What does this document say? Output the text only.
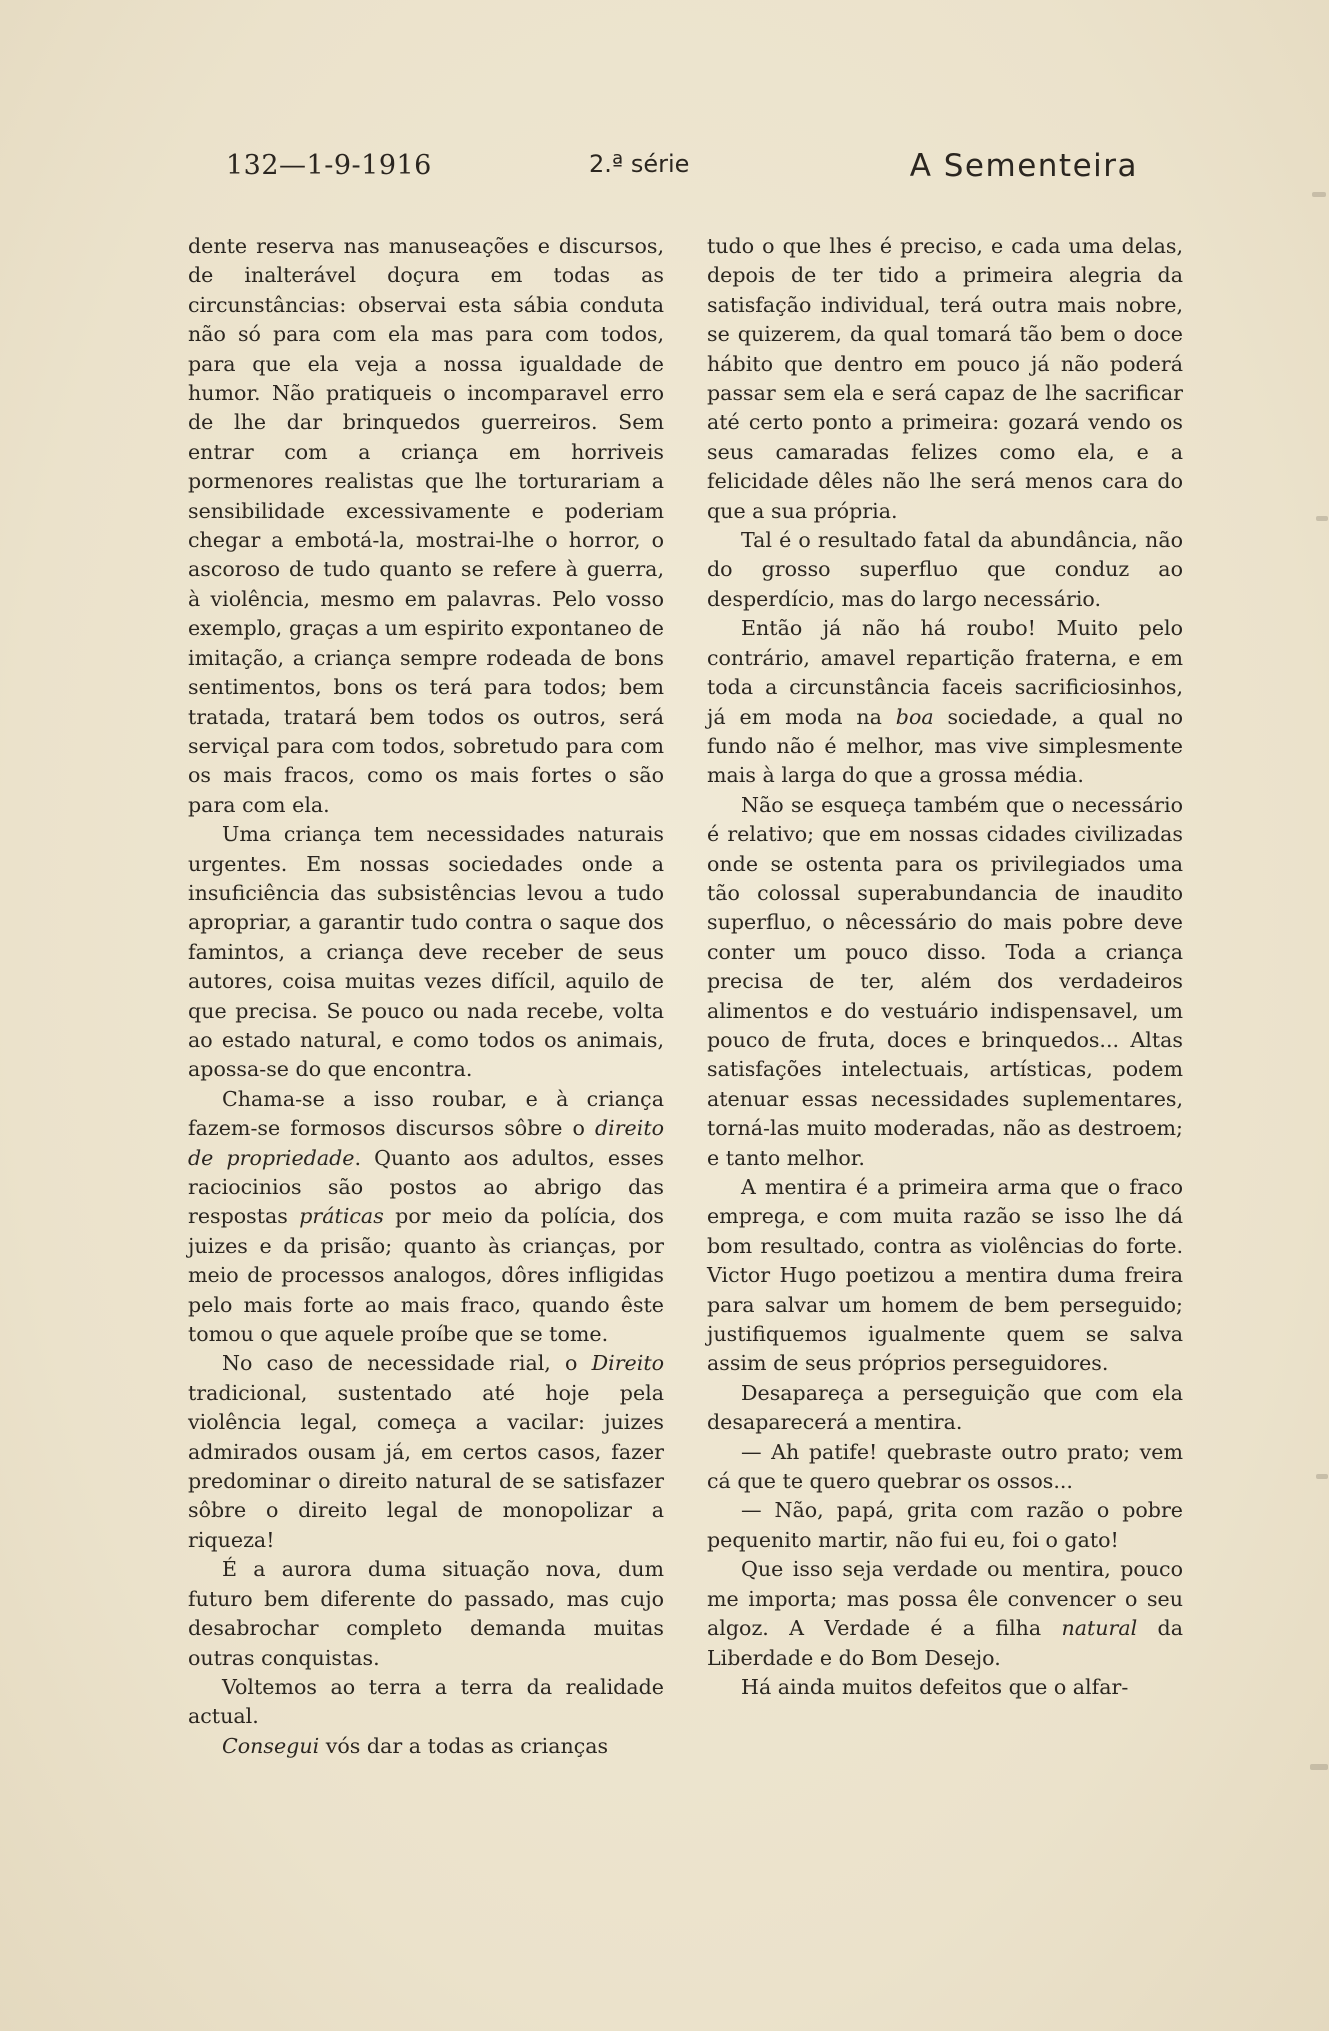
132—1-9-1916	2.ª série	A Sementeira

dente reserva nas manuseações e discursos, de inalterável doçura em todas as circunstâncias: observai esta sábia conduta não só para com ela mas para com todos, para que ela veja a nossa igualdade de humor. Não pratiqueis o incomparavel erro de lhe dar brinquedos guerreiros. Sem entrar com a criança em horriveis pormenores realistas que lhe torturariam a sensibilidade excessivamente e poderiam chegar a embotá-la, mostrai-lhe o horror, o ascoroso de tudo quanto se refere à guerra, à violência, mesmo em palavras. Pelo vosso exemplo, graças a um espirito expontaneo de imitação, a criança sempre rodeada de bons sentimentos, bons os terá para todos; bem tratada, tratará bem todos os outros, será serviçal para com todos, sobretudo para com os mais fracos, como os mais fortes o são para com ela.

Uma criança tem necessidades naturais urgentes. Em nossas sociedades onde a insuficiência das subsistências levou a tudo apropriar, a garantir tudo contra o saque dos famintos, a criança deve receber de seus autores, coisa muitas vezes difícil, aquilo de que precisa. Se pouco ou nada recebe, volta ao estado natural, e como todos os animais, apossa-se do que encontra.

Chama-se a isso roubar, e à criança fazem-se formosos discursos sôbre o direito de propriedade. Quanto aos adultos, esses raciocinios são postos ao abrigo das respostas práticas por meio da polícia, dos juizes e da prisão; quanto às crianças, por meio de processos analogos, dôres infligidas pelo mais forte ao mais fraco, quando êste tomou o que aquele proíbe que se tome.

No caso de necessidade rial, o Direito tradicional, sustentado até hoje pela violência legal, começa a vacilar: juizes admirados ousam já, em certos casos, fazer predominar o direito natural de se satisfazer sôbre o direito legal de monopolizar a riqueza!

É a aurora duma situação nova, dum futuro bem diferente do passado, mas cujo desabrochar completo demanda muitas outras conquistas.

Voltemos ao terra a terra da realidade actual.

Consegui vós dar a todas as crianças

tudo o que lhes é preciso, e cada uma delas, depois de ter tido a primeira alegria da satisfação individual, terá outra mais nobre, se quizerem, da qual tomará tão bem o doce hábito que dentro em pouco já não poderá passar sem ela e será capaz de lhe sacrificar até certo ponto a primeira: gozará vendo os seus camaradas felizes como ela, e a felicidade dêles não lhe será menos cara do que a sua própria.

Tal é o resultado fatal da abundância, não do grosso superfluo que conduz ao desperdício, mas do largo necessário.

Então já não há roubo! Muito pelo contrário, amavel repartição fraterna, e em toda a circunstância faceis sacrificiosinhos, já em moda na boa sociedade, a qual no fundo não é melhor, mas vive simplesmente mais à larga do que a grossa média.

Não se esqueça também que o necessário é relativo; que em nossas cidades civilizadas onde se ostenta para os privilegiados uma tão colossal superabundancia de inaudito superfluo, o nêcessário do mais pobre deve conter um pouco disso. Toda a criança precisa de ter, além dos verdadeiros alimentos e do vestuário indispensavel, um pouco de fruta, doces e brinquedos... Altas satisfações intelectuais, artísticas, podem atenuar essas necessidades suplementares, torná-las muito moderadas, não as destroem; e tanto melhor.

A mentira é a primeira arma que o fraco emprega, e com muita razão se isso lhe dá bom resultado, contra as violências do forte. Victor Hugo poetizou a mentira duma freira para salvar um homem de bem perseguido; justifiquemos igualmente quem se salva assim de seus próprios perseguidores.

Desapareça a perseguição que com ela desaparecerá a mentira.

— Ah patife! quebraste outro prato; vem cá que te quero quebrar os ossos...

— Não, papá, grita com razão o pobre pequenito martir, não fui eu, foi o gato!

Que isso seja verdade ou mentira, pouco me importa; mas possa êle convencer o seu algoz. A Verdade é a filha natural da Liberdade e do Bom Desejo.

Há ainda muitos defeitos que o alfar-
